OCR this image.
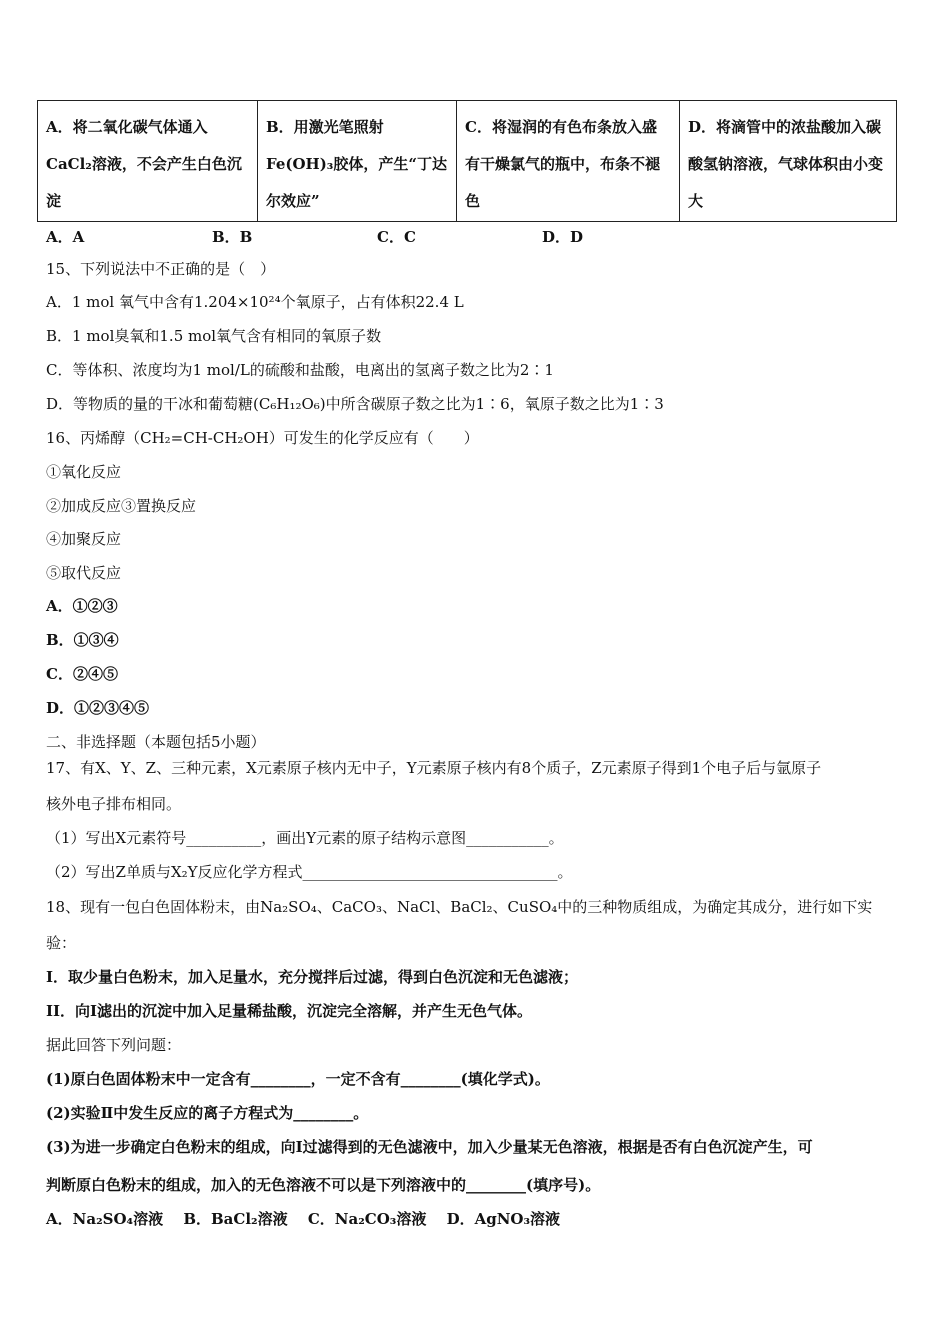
A．将二氧化碳气体通入CaCl₂溶液，不会产生白色沉淀	B．用激光笔照射Fe(OH)₃胶体，产生“丁达尔效应”	C．将湿润的有色布条放入盛有干燥氯气的瓶中，布条不褪色	D．将滴管中的浓盐酸加入碳酸氢钠溶液，气球体积由小变大
A．A	B．B	C．C	D．D
15、下列说法中不正确的是（　）
A．1 mol 氧气中含有1.204×10²⁴个氧原子，占有体积22.4 L
B．1 mol臭氧和1.5 mol氧气含有相同的氧原子数
C．等体积、浓度均为1 mol/L的硫酸和盐酸，电离出的氢离子数之比为2∶1
D．等物质的量的干冰和葡萄糖(C₆H₁₂O₆)中所含碳原子数之比为1∶6，氧原子数之比为1∶3
16、丙烯醇（CH₂=CH-CH₂OH）可发生的化学反应有（　　）
①氧化反应
②加成反应③置换反应
④加聚反应
⑤取代反应
A．①②③
B．①③④
C．②④⑤
D．①②③④⑤
二、非选择题（本题包括5小题）
17、有X、Y、Z、三种元素，X元素原子核内无中子，Y元素原子核内有8个质子，Z元素原子得到1个电子后与氩原子
核外电子排布相同。
（1）写出X元素符号__________，画出Y元素的原子结构示意图___________。
（2）写出Z单质与X₂Y反应化学方程式__________________________________。
18、现有一包白色固体粉末，由Na₂SO₄、CaCO₃、NaCl、BaCl₂、CuSO₄中的三种物质组成，为确定其成分，进行如下实
验：
I．取少量白色粉末，加入足量水，充分搅拌后过滤，得到白色沉淀和无色滤液；
II．向Ⅰ滤出的沉淀中加入足量稀盐酸，沉淀完全溶解，并产生无色气体。
据此回答下列问题：
(1)原白色固体粉末中一定含有________，一定不含有________(填化学式)。
(2)实验Ⅱ中发生反应的离子方程式为________。
(3)为进一步确定白色粉末的组成，向Ⅰ过滤得到的无色滤液中，加入少量某无色溶液，根据是否有白色沉淀产生，可
判断原白色粉末的组成，加入的无色溶液不可以是下列溶液中的________(填序号)。
A．Na₂SO₄溶液　 B．BaCl₂溶液　 C．Na₂CO₃溶液　 D．AgNO₃溶液
